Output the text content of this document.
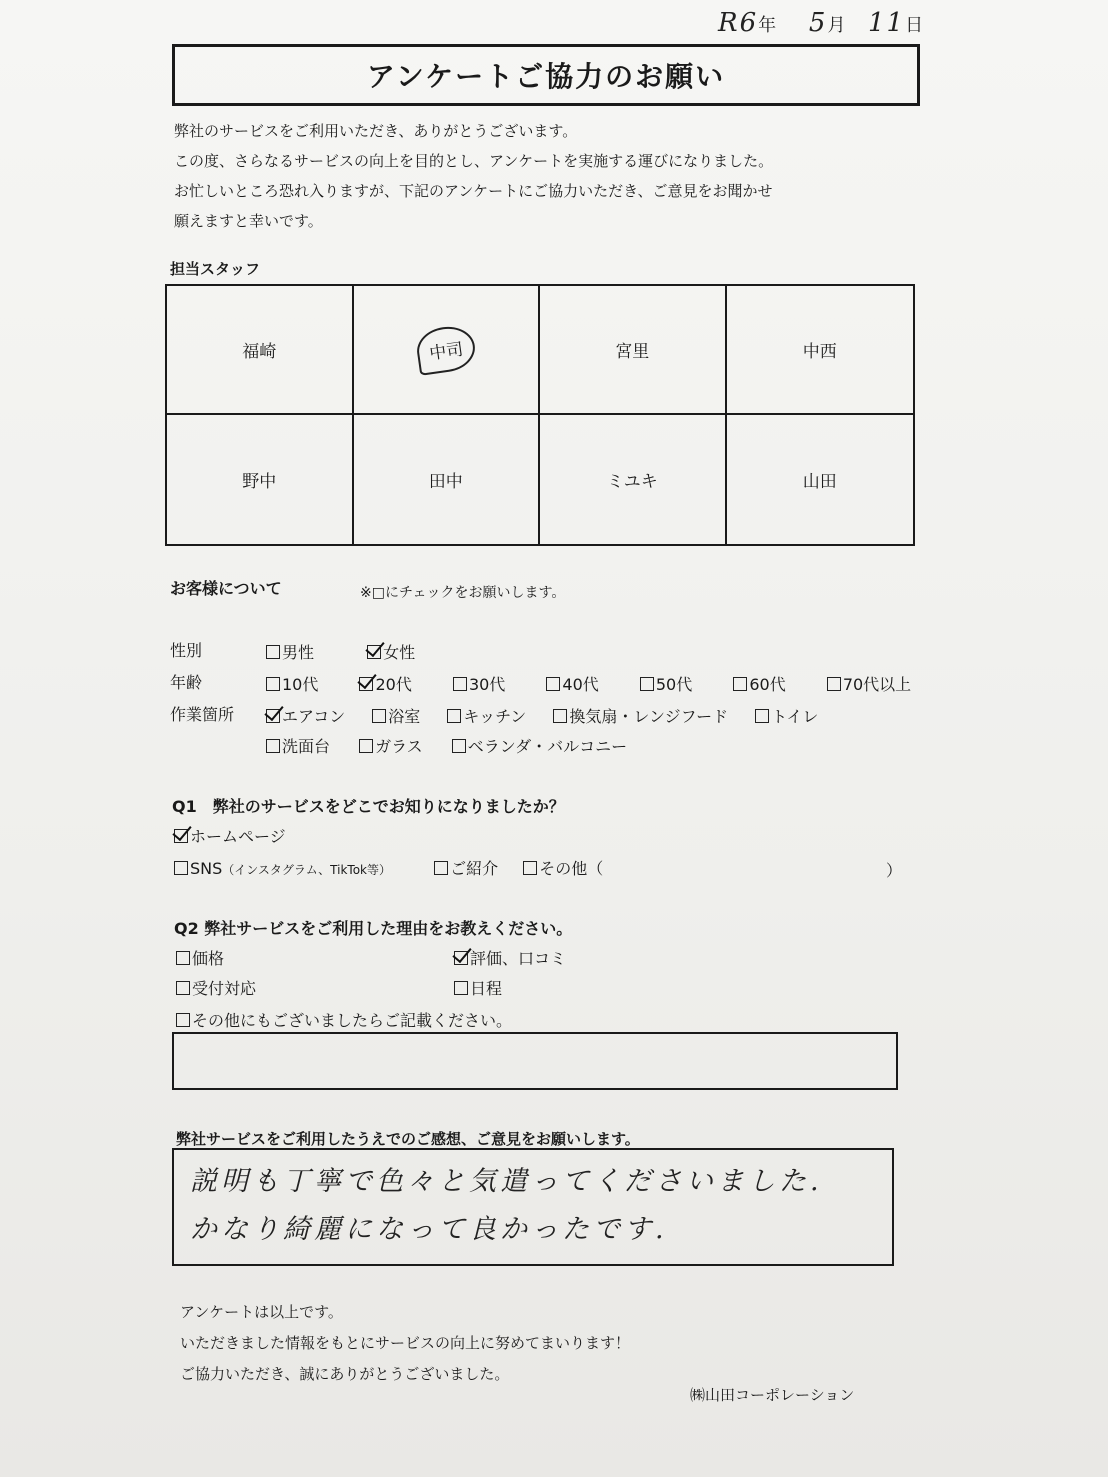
R6年 5月 11日
アンケートご協力のお願い
弊社のサービスをご利用いただき、ありがとうございます。
この度、さらなるサービスの向上を目的とし、アンケートを実施する運びになりました。
お忙しいところ恐れ入りますが、下記のアンケートにご協力いただき、ご意見をお聞かせ
願えますと幸いです。
担当スタッフ
福崎	中司	宮里	中西
野中	田中	ミユキ	山田
お客様について	※□にチェックをお願いします。
性別	男性	女性
年齢	10代	20代	30代	40代	50代	60代	70代以上
作業箇所	エアコン	浴室	キッチン	換気扇・レンジフード	トイレ
洗面台	ガラス	ベランダ・バルコニー
Q1　弊社のサービスをどこでお知りになりましたか？
ホームページ
SNS（インスタグラム、TikTok等）	ご紹介	その他（	）
Q2 弊社サービスをご利用した理由をお教えください。
価格	評価、口コミ
受付対応	日程
その他にもございましたらご記載ください。
弊社サービスをご利用したうえでのご感想、ご意見をお願いします。
説明も丁寧で色々と気遣ってくださいました.
かなり綺麗になって良かったです.
アンケートは以上です。
いただきました情報をもとにサービスの向上に努めてまいります！
ご協力いただき、誠にありがとうございました。
㈱山田コーポレーション
